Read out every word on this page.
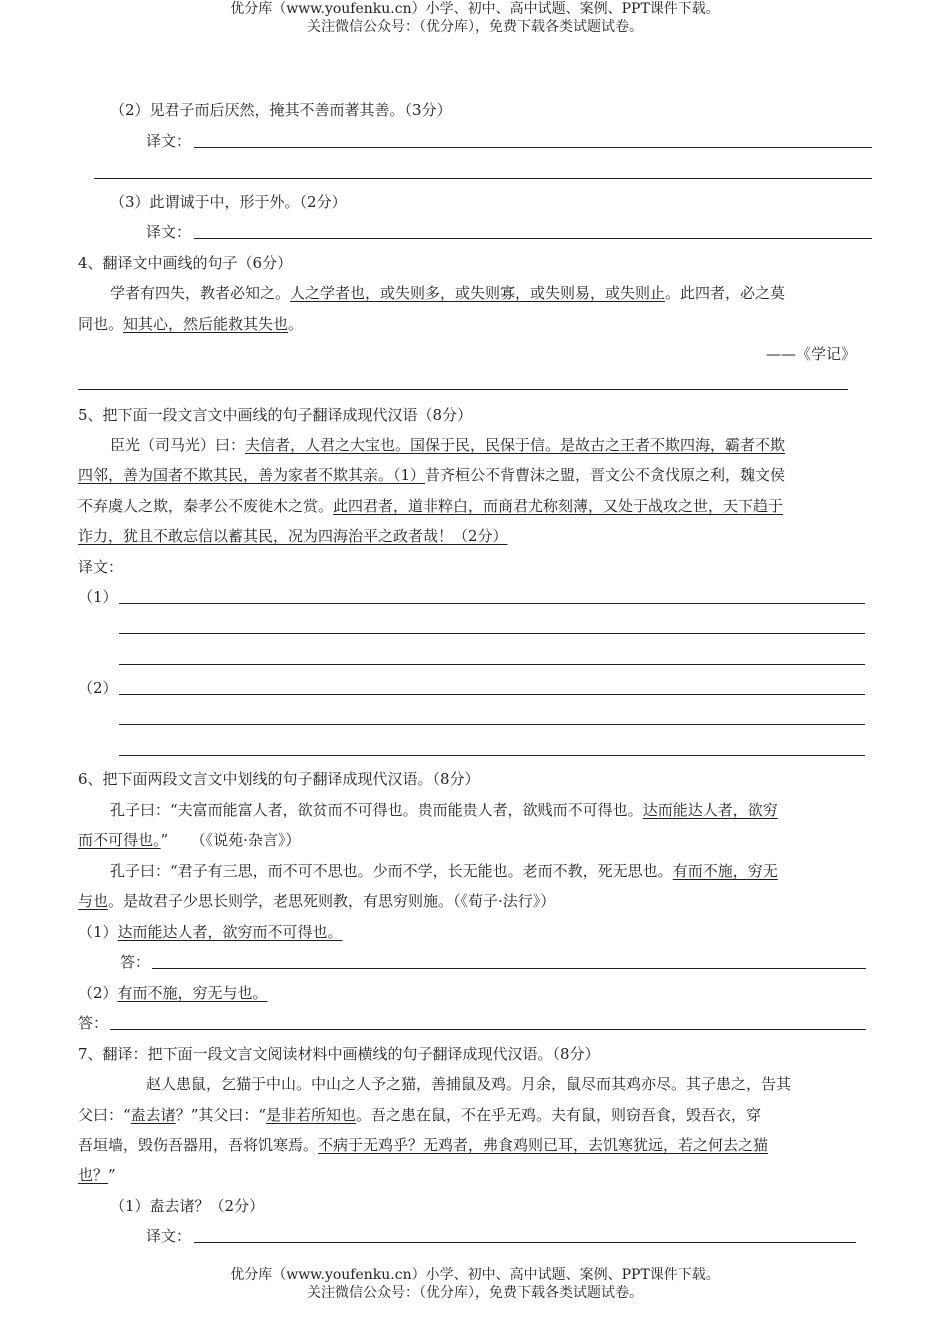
优分库（www.youfenku.cn）小学、初中、高中试题、案例、PPT课件下载。
关注微信公众号：（优分库），免费下载各类试题试卷。
（2）见君子而后厌然，掩其不善而著其善。（3分）
译文：
（3）此谓诚于中，形于外。（2分）
译文：
4、翻译文中画线的句子（6分）
学者有四失，教者必知之。人之学者也，或失则多，或失则寡，或失则易，或失则止。此四者，必之莫
同也。知其心，然后能救其失也。
——《学记》
5、把下面一段文言文中画线的句子翻译成现代汉语（8分）
臣光（司马光）曰：夫信者，人君之大宝也。国保于民，民保于信。是故古之王者不欺四海，霸者不欺
四邻，善为国者不欺其民，善为家者不欺其亲。（1）昔齐桓公不背曹沫之盟，晋文公不贪伐原之利，魏文侯
不弃虞人之欺，秦孝公不废徙木之赏。此四君者，道非粹白，而商君尤称刻薄，又处于战攻之世，天下趋于
诈力，犹且不敢忘信以蓄其民，况为四海治平之政者哉！（2分）
译文：
（1）
（2）
6、把下面两段文言文中划线的句子翻译成现代汉语。（8分）
孔子曰：“夫富而能富人者，欲贫而不可得也。贵而能贵人者，欲贱而不可得也。达而能达人者，欲穷
而不可得也。”　　（《说苑·杂言》）
孔子曰：“君子有三思，而不可不思也。少而不学，长无能也。老而不教，死无思也。有而不施，穷无
与也。是故君子少思长则学，老思死则教，有思穷则施。（《荀子·法行》）
（1）达而能达人者，欲穷而不可得也。
答：
（2）有而不施，穷无与也。
答：
7、翻译：把下面一段文言文阅读材料中画横线的句子翻译成现代汉语。（8分）
赵人患鼠，乞猫于中山。中山之人予之猫，善捕鼠及鸡。月余，鼠尽而其鸡亦尽。其子患之，告其
父曰：“盍去诸？”其父曰：“是非若所知也。吾之患在鼠，不在乎无鸡。夫有鼠，则窃吾食，毁吾衣，穿
吾垣墙，毁伤吾器用，吾将饥寒焉。不病于无鸡乎？无鸡者，弗食鸡则已耳，去饥寒犹远，若之何去之猫
也？”
（1）盍去诸？（2分）
译文：
优分库（www.youfenku.cn）小学、初中、高中试题、案例、PPT课件下载。
关注微信公众号：（优分库），免费下载各类试题试卷。
